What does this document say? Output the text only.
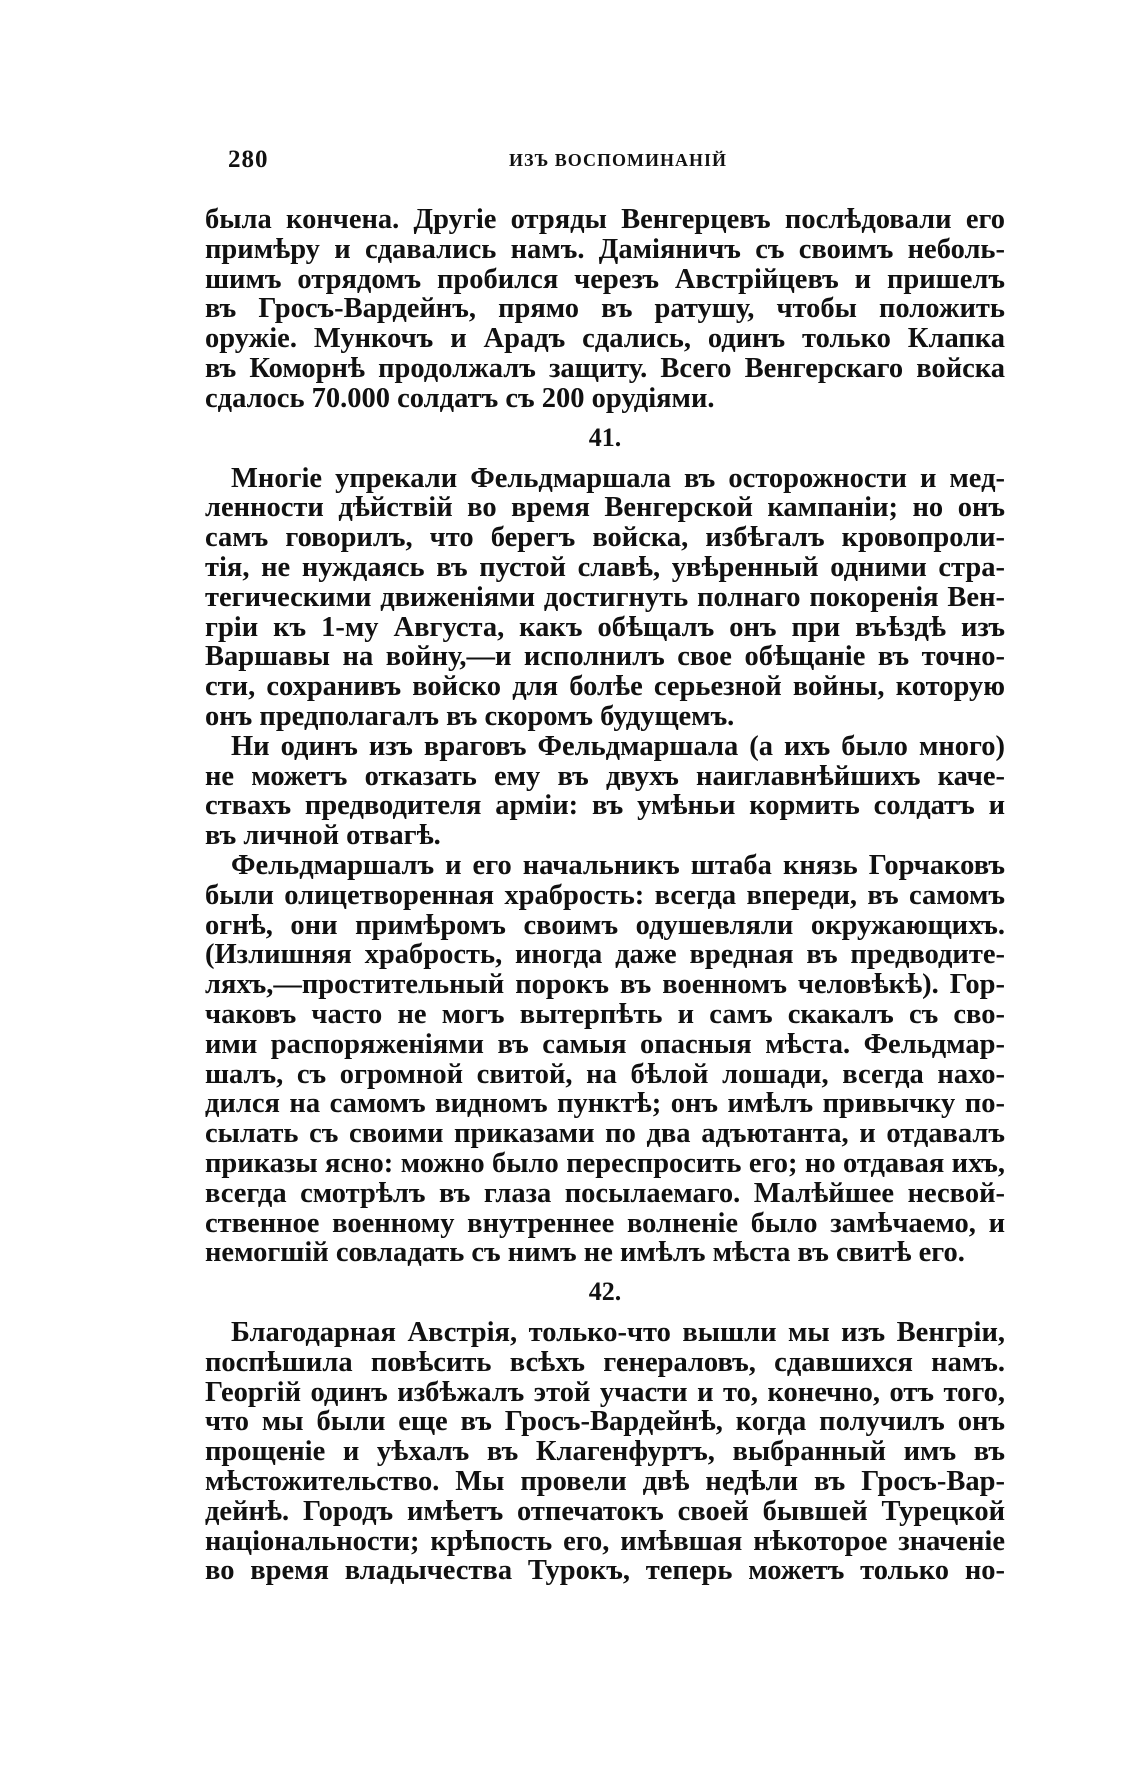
280	ИЗЪ ВОСПОМИНАНІЙ
была кончена. Другіе отряды Венгерцевъ послѣдовали его
примѣру и сдавались намъ. Даміяничъ съ своимъ неболь-
шимъ отрядомъ пробился черезъ Австрійцевъ и пришелъ
въ Гросъ-Вардейнъ, прямо въ ратушу, чтобы положить
оружіе. Мункочъ и Арадъ сдались, одинъ только Клапка
въ Коморнѣ продолжалъ защиту. Всего Венгерскаго войска
сдалось 70.000 солдатъ съ 200 орудіями.
41.
Многіе упрекали Фельдмаршала въ осторожности и мед-
ленности дѣйствій во время Венгерской кампаніи; но онъ
самъ говорилъ, что берегъ войска, избѣгалъ кровопроли-
тія, не нуждаясь въ пустой славѣ, увѣренный одними стра-
тегическими движеніями достигнуть полнаго покоренія Вен-
гріи къ 1-му Августа, какъ обѣщалъ онъ при въѣздѣ изъ
Варшавы на войну,—и исполнилъ свое обѣщаніе въ точно-
сти, сохранивъ войско для болѣе серьезной войны, которую
онъ предполагалъ въ скоромъ будущемъ.
Ни одинъ изъ враговъ Фельдмаршала (а ихъ было много)
не можетъ отказать ему въ двухъ наиглавнѣйшихъ каче-
ствахъ предводителя арміи: въ умѣньи кормить солдатъ и
въ личной отвагѣ.
Фельдмаршалъ и его начальникъ штаба князь Горчаковъ
были олицетворенная храбрость: всегда впереди, въ самомъ
огнѣ, они примѣромъ своимъ одушевляли окружающихъ.
(Излишняя храбрость, иногда даже вредная въ предводите-
ляхъ,—простительный порокъ въ военномъ человѣкѣ). Гор-
чаковъ часто не могъ вытерпѣть и самъ скакалъ съ сво-
ими распоряженіями въ самыя опасныя мѣста. Фельдмар-
шалъ, съ огромной свитой, на бѣлой лошади, всегда нахо-
дился на самомъ видномъ пунктѣ; онъ имѣлъ привычку по-
сылать съ своими приказами по два адъютанта, и отдавалъ
приказы ясно: можно было переспросить его; но отдавая ихъ,
всегда смотрѣлъ въ глаза посылаемаго. Малѣйшее несвой-
ственное военному внутреннее волненіе было замѣчаемо, и
немогшій совладать съ нимъ не имѣлъ мѣста въ свитѣ его.
42.
Благодарная Австрія, только-что вышли мы изъ Венгріи,
поспѣшила повѣсить всѣхъ генераловъ, сдавшихся намъ.
Георгій одинъ избѣжалъ этой участи и то, конечно, отъ того,
что мы были еще въ Гросъ-Вардейнѣ, когда получилъ онъ
прощеніе и уѣхалъ въ Клагенфуртъ, выбранный имъ въ
мѣстожительство. Мы провели двѣ недѣли въ Гросъ-Вар-
дейнѣ. Городъ имѣетъ отпечатокъ своей бывшей Турецкой
національности; крѣпость его, имѣвшая нѣкоторое значеніе
во время владычества Турокъ, теперь можетъ только но-
